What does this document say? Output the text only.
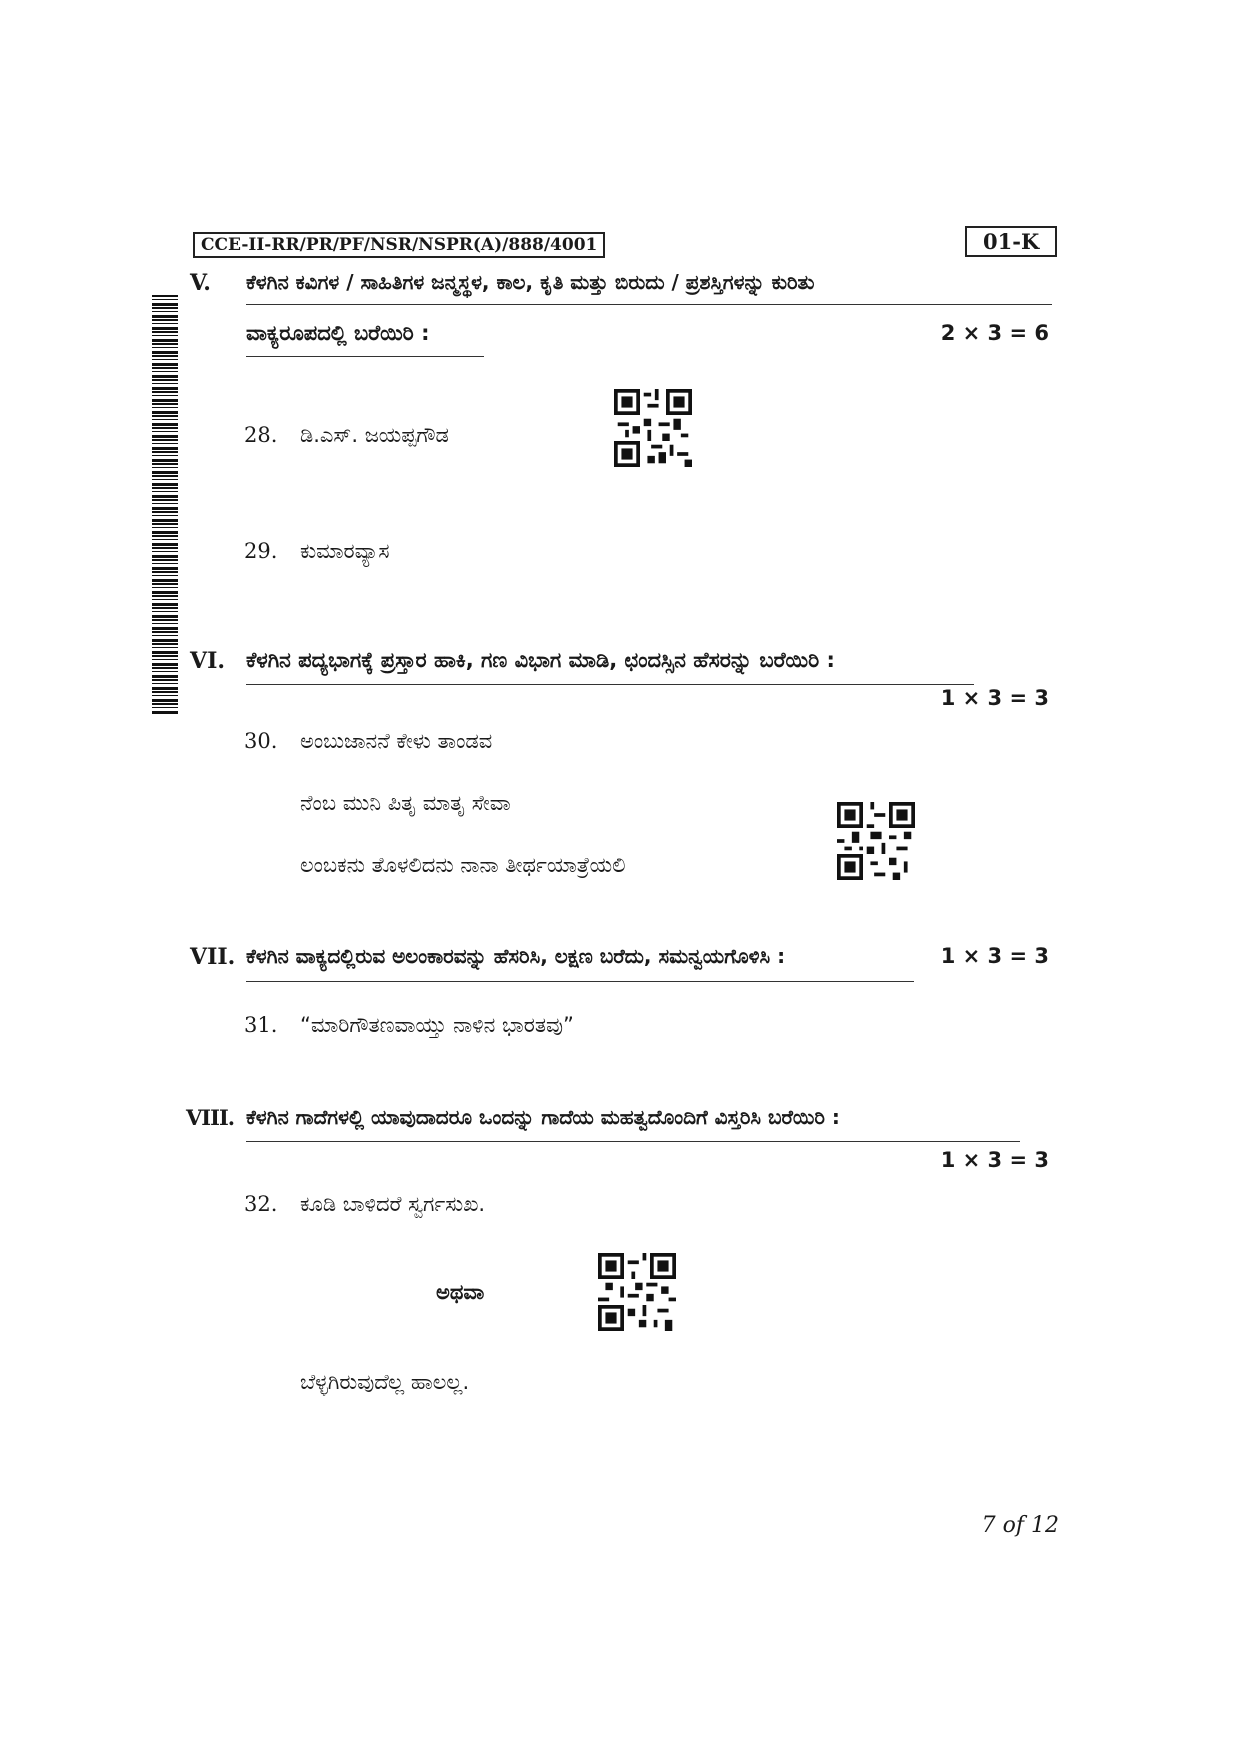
CCE-II-RR/PR/PF/NSR/NSPR(A)/888/4001	01-K
V. ಕೆಳಗಿನ ಕವಿಗಳ / ಸಾಹಿತಿಗಳ ಜನ್ಮಸ್ಥಳ, ಕಾಲ, ಕೃತಿ ಮತ್ತು ಬಿರುದು / ಪ್ರಶಸ್ತಿಗಳನ್ನು ಕುರಿತು
ವಾಕ್ಯರೂಪದಲ್ಲಿ ಬರೆಯಿರಿ :	2 × 3 = 6
28. ಡಿ.ಎಸ್. ಜಯಪ್ಪಗೌಡ
29. ಕುಮಾರವ್ಯಾಸ
VI. ಕೆಳಗಿನ ಪದ್ಯಭಾಗಕ್ಕೆ ಪ್ರಸ್ತಾರ ಹಾಕಿ, ಗಣ ವಿಭಾಗ ಮಾಡಿ, ಛಂದಸ್ಸಿನ ಹೆಸರನ್ನು ಬರೆಯಿರಿ :
1 × 3 = 3
30. ಅಂಬುಜಾನನೆ ಕೇಳು ತಾಂಡವ
ನೆಂಬ ಮುನಿ ಪಿತೃ ಮಾತೃ ಸೇವಾ
ಲಂಬಕನು ತೊಳಲಿದನು ನಾನಾ ತೀರ್ಥಯಾತ್ರೆಯಲಿ
VII. ಕೆಳಗಿನ ವಾಕ್ಯದಲ್ಲಿರುವ ಅಲಂಕಾರವನ್ನು ಹೆಸರಿಸಿ, ಲಕ್ಷಣ ಬರೆದು, ಸಮನ್ವಯಗೊಳಿಸಿ :	1 × 3 = 3
31. “ಮಾರಿಗೌತಣವಾಯ್ತು ನಾಳಿನ ಭಾರತವು”
VIII. ಕೆಳಗಿನ ಗಾದೆಗಳಲ್ಲಿ ಯಾವುದಾದರೂ ಒಂದನ್ನು ಗಾದೆಯ ಮಹತ್ವದೊಂದಿಗೆ ವಿಸ್ತರಿಸಿ ಬರೆಯಿರಿ :
1 × 3 = 3
32. ಕೂಡಿ ಬಾಳಿದರೆ ಸ್ವರ್ಗಸುಖ.
ಅಥವಾ
ಬೆಳ್ಳಗಿರುವುದೆಲ್ಲ ಹಾಲಲ್ಲ.
7 of 12
